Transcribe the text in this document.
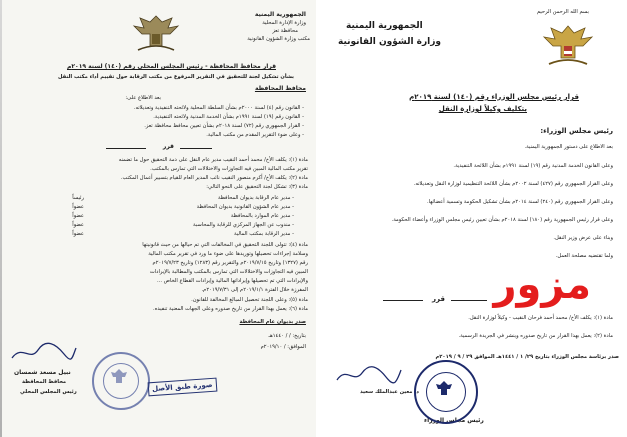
الجمهورية اليمنية
وزارة الإدارة المحلية
محافظة تعز
مكتب وزارة الشؤون القانونية
قرار محافظ المحافظة - رئيس المجلس المحلي رقم (١٤٠) لسنة ٢٠١٩م
بشأن تشكيل لجنة للتحقيق في التقرير المرفوع من مكتب الرقابة حول تقييم أداء مكتب النقل
محافظ المحافظة
بعد الاطلاع على:
- القانون رقم (٤) لسنة ٢٠٠٠م بشأن السلطة المحلية ولائحته التنفيذية وتعديلاته.
- القانون رقم (١٩) لسنة ١٩٩١م بشأن الخدمة المدنية ولائحته التنفيذية.
- القرار الجمهوري رقم (٧٢) لسنة ٢٠١٨م بشأن تعيين محافظ محافظة تعز.
- وعلى ضوء التقرير المقدم من مكتب المالية.
قرر
مادة (١): يكلف الأخ/ محمد أحمد النقيب مدير عام النقل على ذمة التحقيق حول ما تضمنه
تقرير مكتب المالية المبين فيه التجاوزات والاختلالات التي تمارس بالمكتب.
مادة (٢): يكلف الأخ/ أكرم منصور النقيب نائب المدير العام للقيام بتسيير أعمال المكتب.
مادة (٣): تشكل لجنة التحقيق على النحو التالي:
- مدير عام الرقابة بديوان المحافظة
رئيساً
- مدير عام الشؤون القانونية بديوان المحافظة
عضواً
- مدير عام الموارد بالمحافظة
عضواً
- مندوب عن الجهاز المركزي للرقابة والمحاسبة
عضواً
- مدير الرقابة بمكتب المالية
عضواً
مادة (٤): تتولى اللجنة التحقيق في المخالفات التي تم حيالها من حيث قانونيتها
وسلامة إجراءات تحصيلها وتوريدها على ضوء ما ورد في تقرير مكتب المالية
رقم (١٣٢٧) وتاريخ ٢٠١٩/٧/١٥م والتقرير رقم (١٢٨٣) وتاريخ ٢٠١٩/٧/٢٣م
المبين فيه التجاوزات والاختلالات التي تمارس بالمكتب والمطالبة بالإيرادات
والإيرادات التي تم تحصيلها وإيراداتها المالية وإيرادات القطاع الخاص ...
المفرزة خلال الفترة ٢٠١٩/١/١م إلى ٢٠١٩/٧/٣١م.
مادة (٥): وعلى اللجنة تحصيل المبالغ المخالفة للقانون.
مادة (٦): يعمل بهذا القرار من تاريخ صدوره وعلى الجهات المعنية تنفيذه.
صدر بديوان عام المحافظة
بتاريخ: / / ١٤٤٠هـ
الموافق: / ٢٠١٩/١٠م
نبيل مسعد شمسان
محافظ المحافظة
رئيس المجلس المحلي	صورة طبق الأصل
بسم الله الرحمن الرحيم
الجمهورية اليمنية
وزارة الشؤون القانونية
قرار رئيس مجلس الوزراء رقم (١٤٠) لسنة ٢٠١٩م
بتكليف وكيلاً لوزارة النقل
رئيس مجلس الوزراء:
بعد الاطلاع على دستور الجمهورية اليمنية.
وعلى القانون الخدمة المدنية رقم (١٩) لسنة ١٩٩١م بشأن اللائحة التنفيذية.
وعلى القرار الجمهوري رقم (٤٢٧) لسنة ٢٠٠٢م بشأن اللائحة التنظيمية لوزارة النقل وتعديلاته.
وعلى القرار الجمهوري رقم (٢٤٠) لسنة ٢٠١٤م بشأن تشكيل الحكومة وتسمية أعضائها.
وعلى قرار رئيس الجمهورية رقم (١٨٠) لسنة ٢٠١٨م بشأن تعيين رئيس مجلس الوزراء وأعضاء الحكومة.
وبناء على عرض وزير النقل.
ولما تقتضيه مصلحة العمل.
مزور
قرر
مادة (١): يكلف الأخ/ محمد أحمد فرحان النقيب - وكيلاً لوزارة النقل.
مادة (٢): يعمل بهذا القرار من تاريخ صدوره وينشر في الجريدة الرسمية.
صدر برئاسة مجلس الوزراء بتاريخ ٢٩/ ١ / ١٤٤١هـ الموافق ٢٩ / ٩ / ٢٠١٩م
د. معين عبدالملك سعيد
رئيس مجلس الوزراء
